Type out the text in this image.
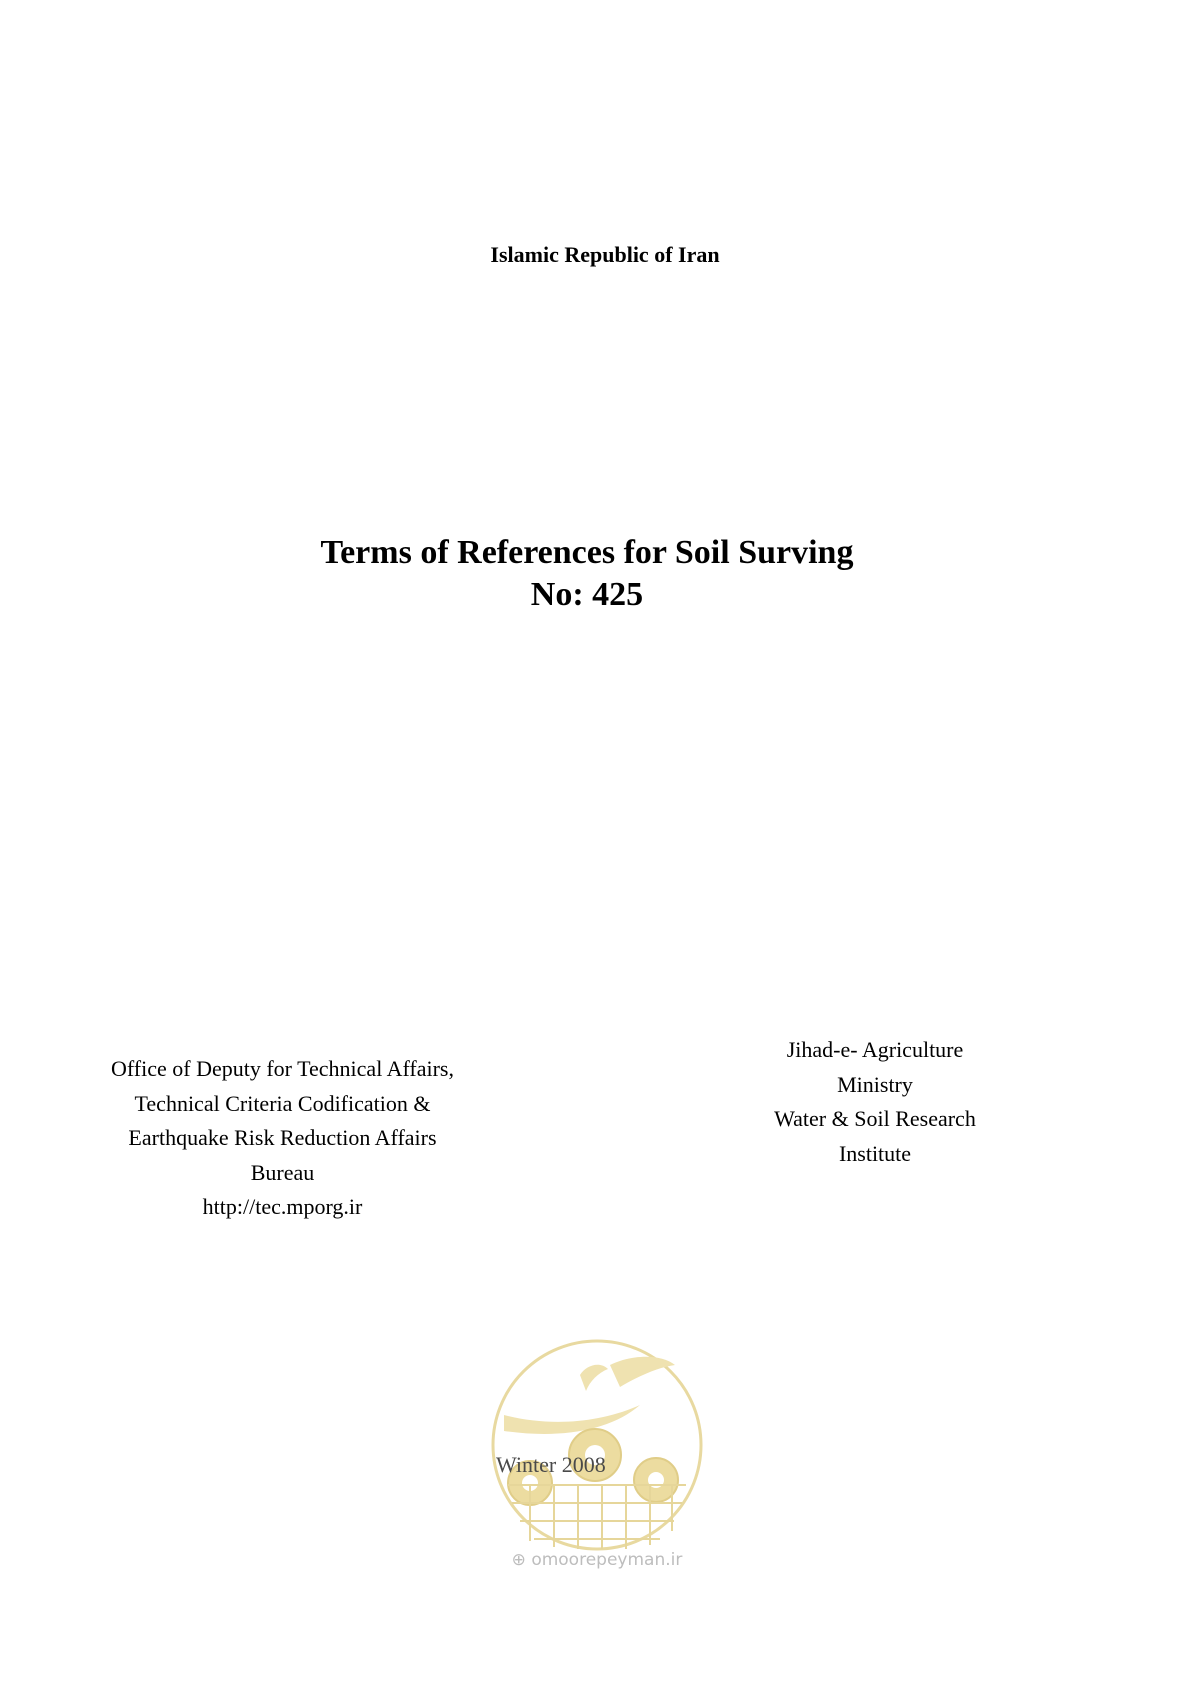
Islamic Republic of Iran
Terms of References for Soil Surving
No: 425
Office of Deputy for Technical Affairs,
Technical Criteria Codification &
Earthquake Risk Reduction Affairs
Bureau
http://tec.mporg.ir
Jihad-e- Agriculture
Ministry
Water & Soil Research
Institute
Winter 2008
⊕ omoorepeyman.ir
